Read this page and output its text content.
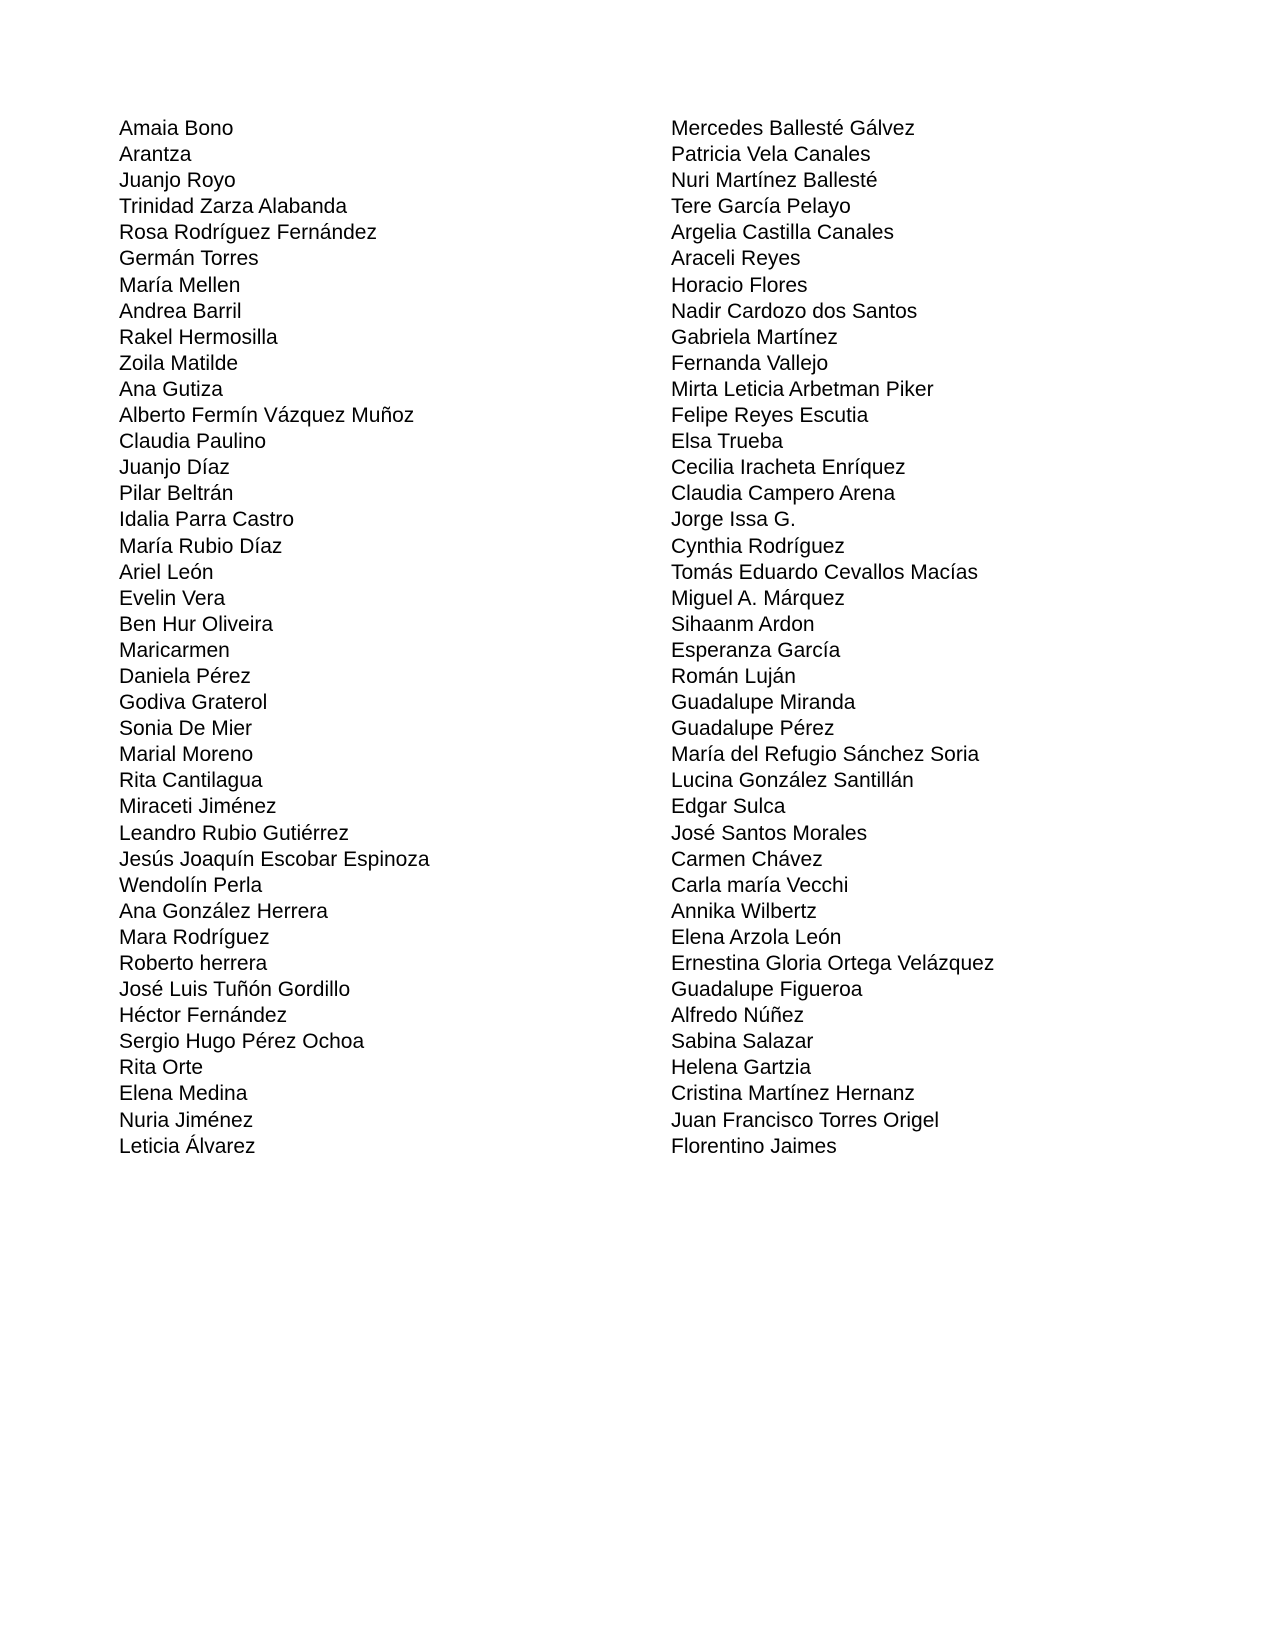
Amaia Bono
Arantza
Juanjo Royo
Trinidad Zarza Alabanda
Rosa Rodríguez Fernández
Germán Torres
María Mellen
Andrea Barril
Rakel Hermosilla
Zoila Matilde
Ana Gutiza
Alberto Fermín Vázquez Muñoz
Claudia Paulino
Juanjo Díaz
Pilar Beltrán
Idalia Parra Castro
María Rubio Díaz
Ariel León
Evelin Vera
Ben Hur Oliveira
Maricarmen
Daniela Pérez
Godiva Graterol
Sonia De Mier
Marial Moreno
Rita Cantilagua
Miraceti Jiménez
Leandro Rubio Gutiérrez
Jesús Joaquín Escobar Espinoza
Wendolín Perla
Ana González Herrera
Mara Rodríguez
Roberto herrera
José Luis Tuñón Gordillo
Héctor Fernández
Sergio Hugo Pérez Ochoa
Rita Orte
Elena Medina
Nuria Jiménez
Leticia Álvarez
Mercedes Ballesté Gálvez
Patricia Vela Canales
Nuri Martínez Ballesté
Tere García Pelayo
Argelia Castilla Canales
Araceli Reyes
Horacio Flores
Nadir Cardozo dos Santos
Gabriela Martínez
Fernanda Vallejo
Mirta Leticia Arbetman Piker
Felipe Reyes Escutia
Elsa Trueba
Cecilia Iracheta Enríquez
Claudia Campero Arena
Jorge Issa G.
Cynthia Rodríguez
Tomás Eduardo Cevallos Macías
Miguel A. Márquez
Sihaanm Ardon
Esperanza García
Román Luján
Guadalupe Miranda
Guadalupe Pérez
María del Refugio Sánchez Soria
Lucina González Santillán
Edgar Sulca
José Santos Morales
Carmen Chávez
Carla maría Vecchi
Annika Wilbertz
Elena Arzola León
Ernestina Gloria Ortega Velázquez
Guadalupe Figueroa
Alfredo Núñez
Sabina Salazar
Helena Gartzia
Cristina Martínez Hernanz
Juan Francisco Torres Origel
Florentino Jaimes
